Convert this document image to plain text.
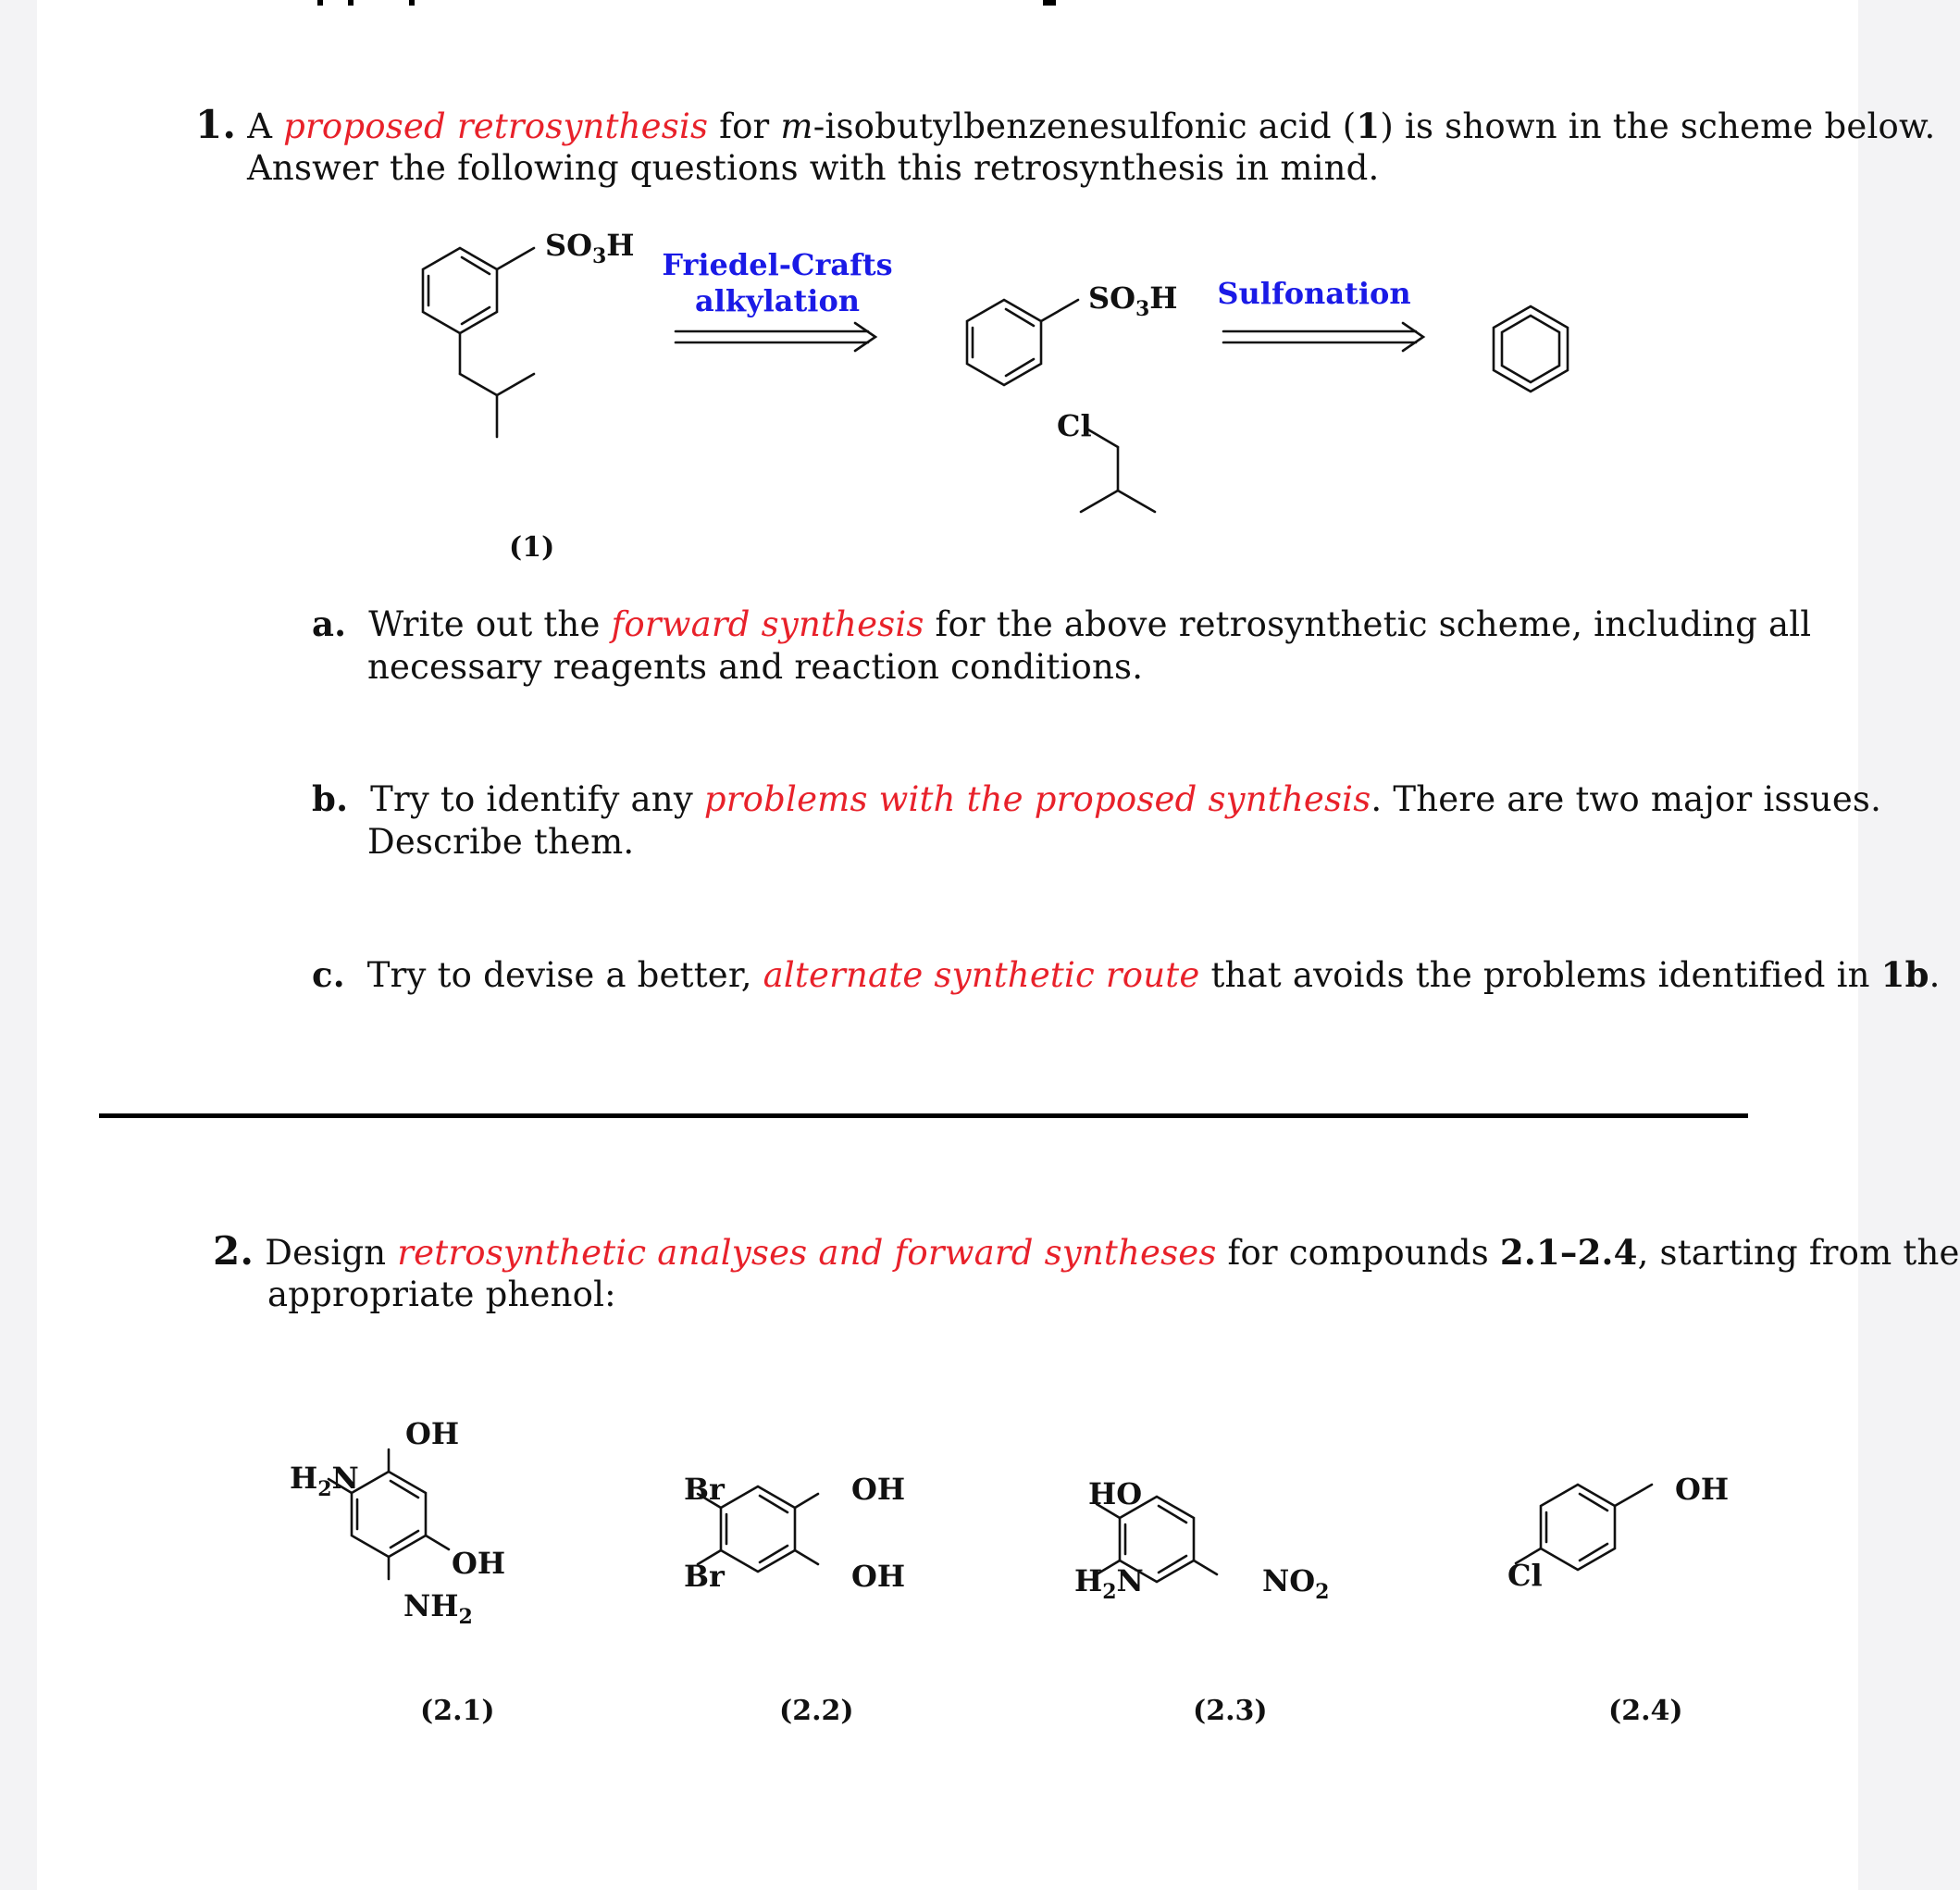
1. A proposed retrosynthesis for m-isobutylbenzenesulfonic acid (1) is shown in the scheme below.

Answer the following questions with this retrosynthesis in mind.

a. Write out the forward synthesis for the above retrosynthetic scheme, including all

necessary reagents and reaction conditions.

b. Try to identify any problems with the proposed synthesis. There are two major issues.

Describe them.

c. Try to devise a better, alternate synthetic route that avoids the problems identified in 1b.

2. Design retrosynthetic analyses and forward syntheses for compounds 2.1–2.4, starting from the

appropriate phenol:

$SO_3H$
(1)
Friedel-Crafts
alkylation	$SO_3H$ Sulfonation
Cl
OH
$H_2N$
OH
$NH_2$
(2.1)
Br	OH
Br	OH
(2.2)
HO
$H_2N$	$NO_2$
(2.3)
OH
Cl
(2.4)
